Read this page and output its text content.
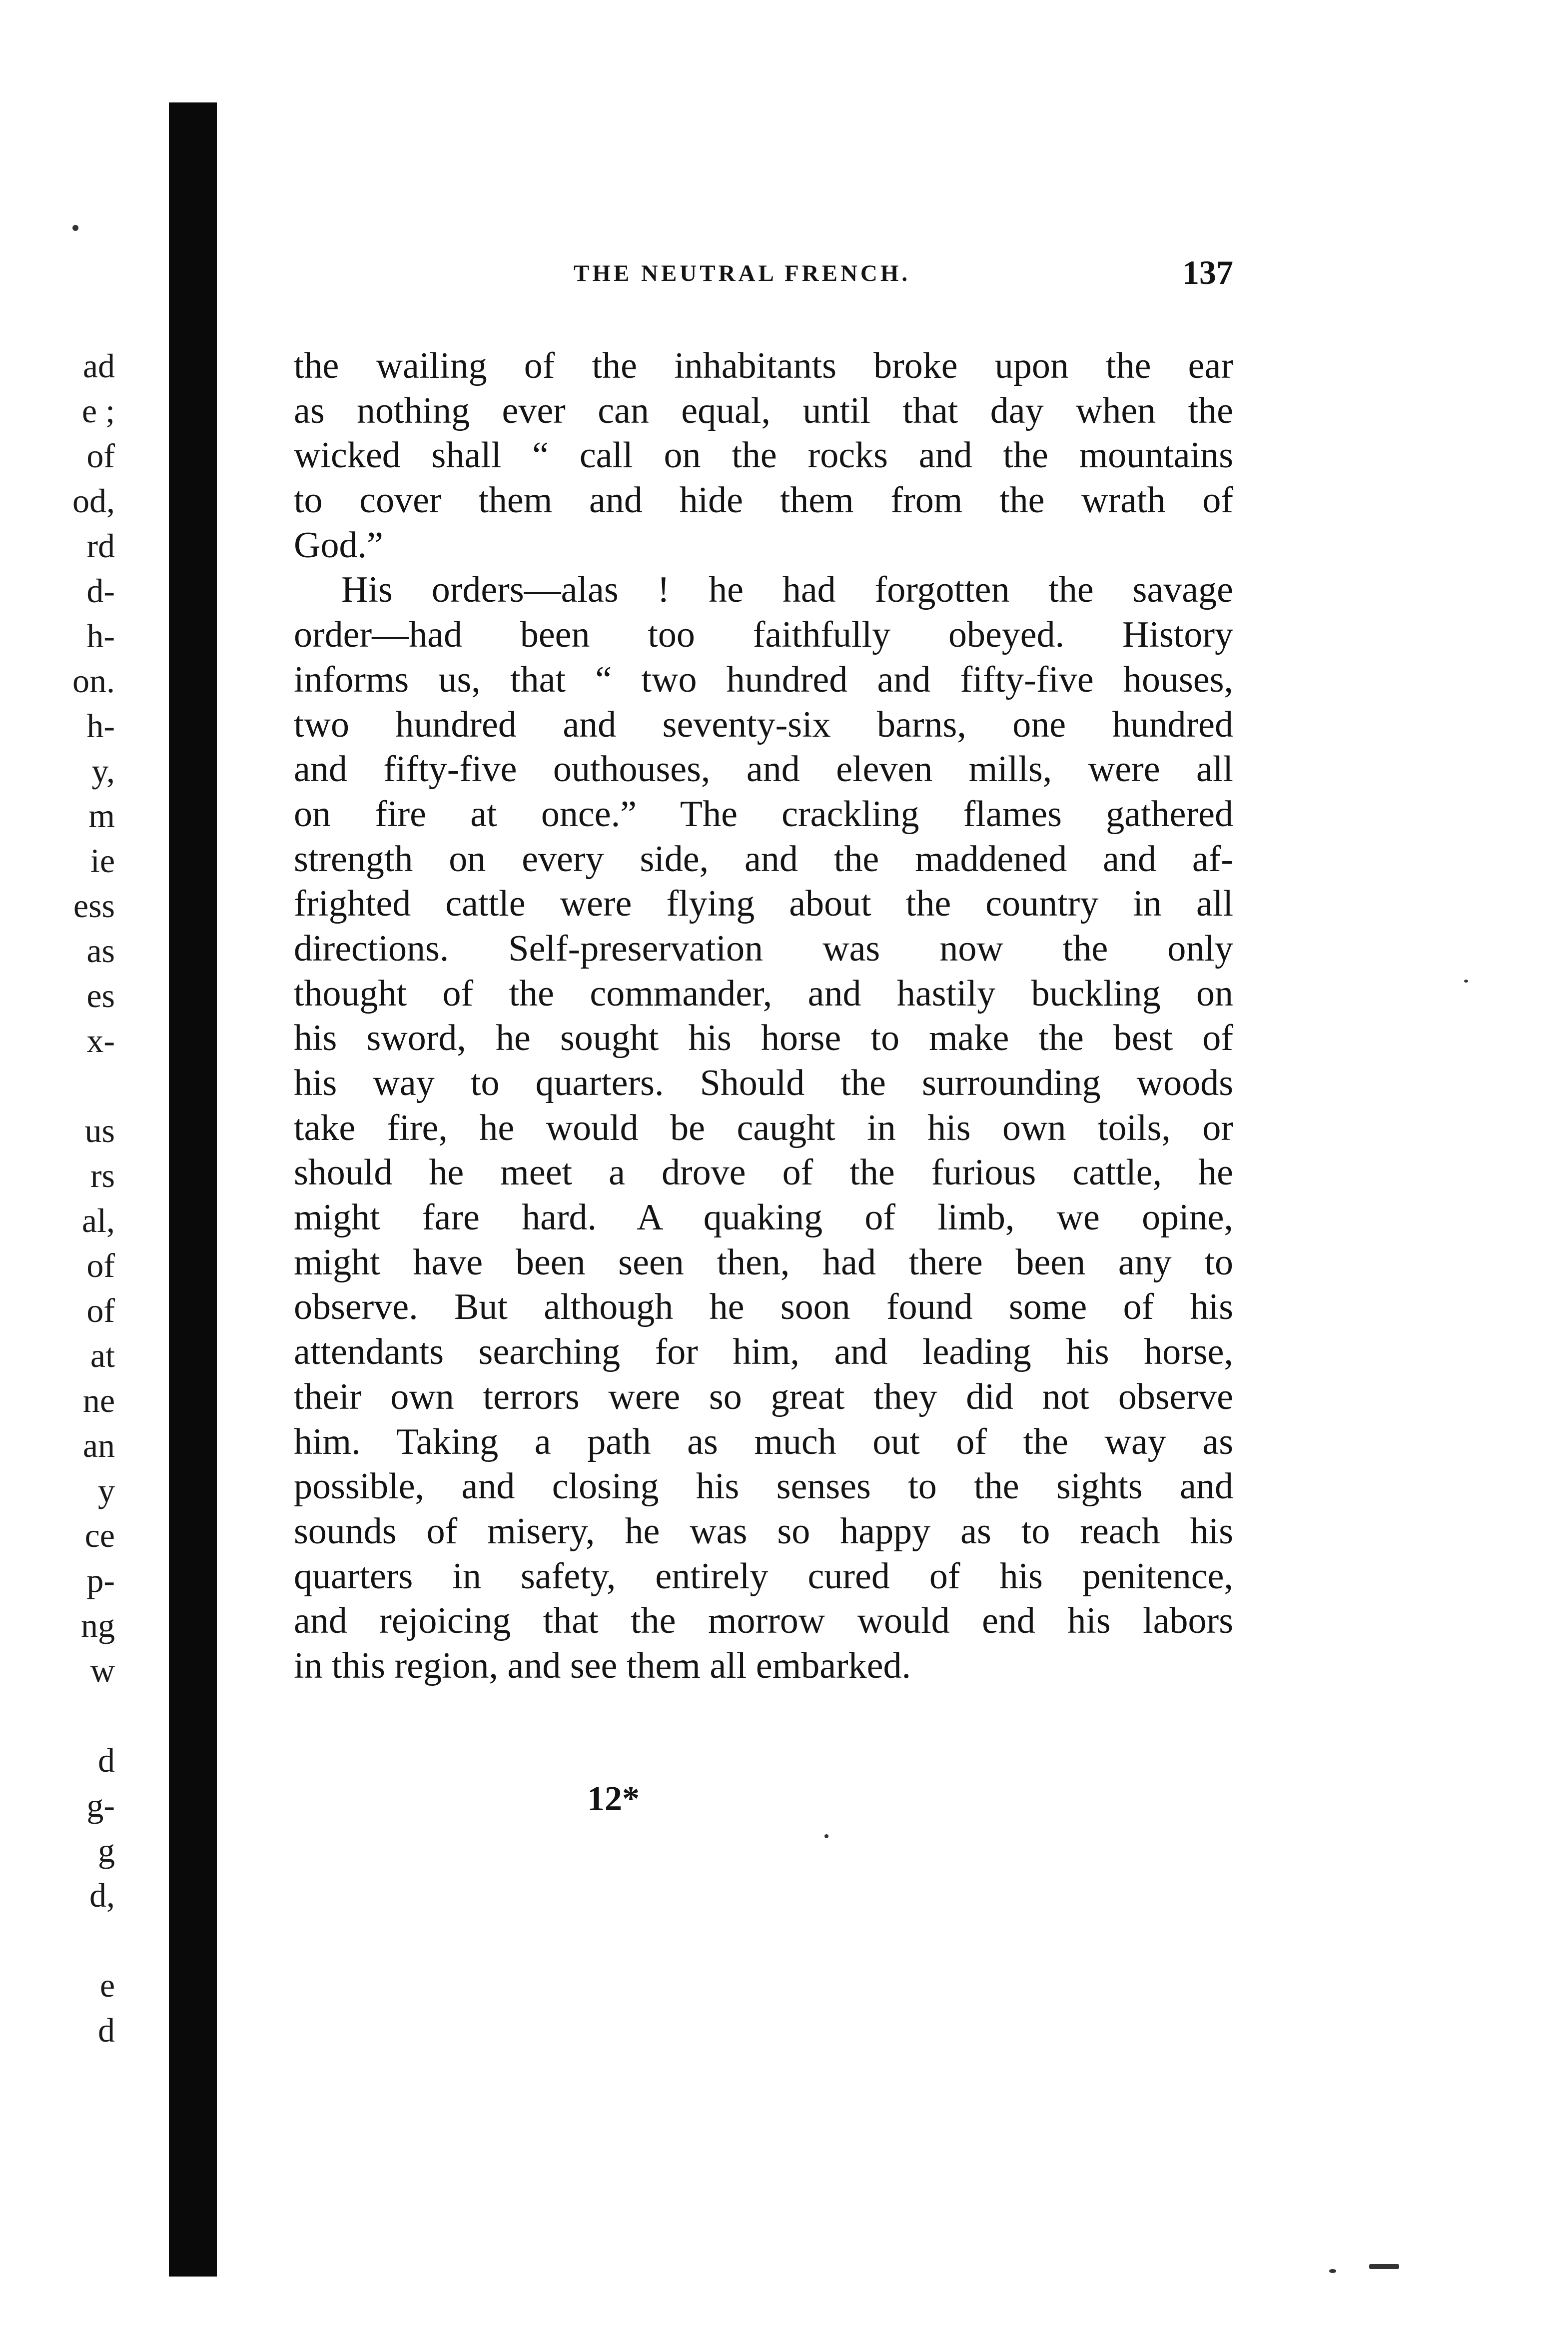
ad
e ;
of
od,
rd
d-
h-
on.
h-
y,
m
ie
ess
as
es
x-
us
rs
al,
of
of
at
ne
an
y
ce
p-
ng
w
d
g-
g
d,
e
d
THE NEUTRAL FRENCH.	137
the wailing of the inhabitants broke upon the ear
as nothing ever can equal, until that day when the
wicked shall “ call on the rocks and the mountains
to cover them and hide them from the wrath of
God.”
His orders—alas ! he had forgotten the savage
order—had been too faithfully obeyed. History
informs us, that “ two hundred and fifty-five houses,
two hundred and seventy-six barns, one hundred
and fifty-five outhouses, and eleven mills, were all
on fire at once.” The crackling flames gathered
strength on every side, and the maddened and af-
frighted cattle were flying about the country in all
directions. Self-preservation was now the only
thought of the commander, and hastily buckling on
his sword, he sought his horse to make the best of
his way to quarters. Should the surrounding woods
take fire, he would be caught in his own toils, or
should he meet a drove of the furious cattle, he
might fare hard. A quaking of limb, we opine,
might have been seen then, had there been any to
observe. But although he soon found some of his
attendants searching for him, and leading his horse,
their own terrors were so great they did not observe
him. Taking a path as much out of the way as
possible, and closing his senses to the sights and
sounds of misery, he was so happy as to reach his
quarters in safety, entirely cured of his penitence,
and rejoicing that the morrow would end his labors
in this region, and see them all embarked.
12*
